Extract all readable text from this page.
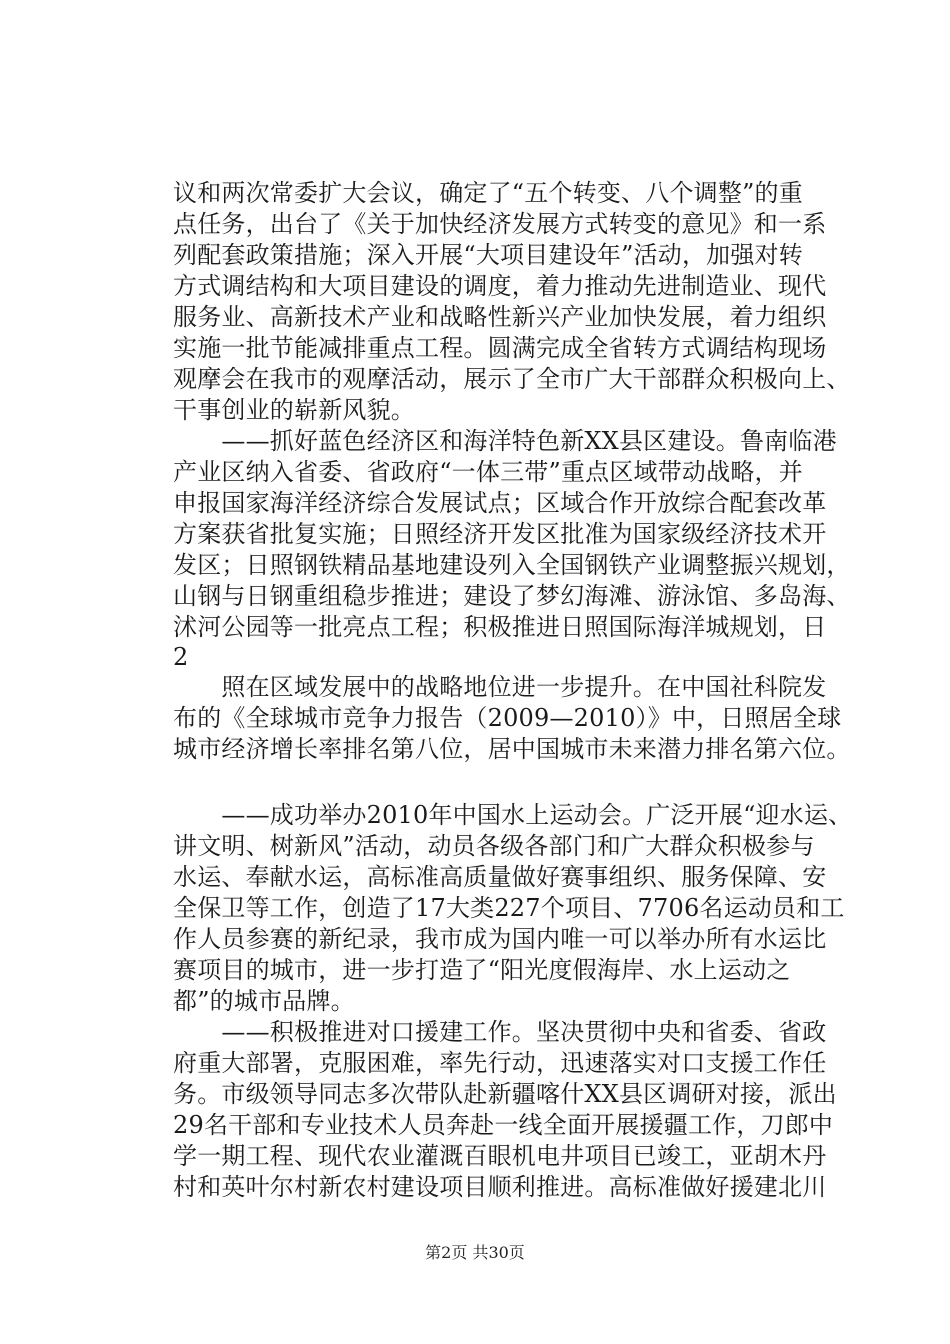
议和两次常委扩大会议，确定了“五个转变、八个调整”的重
点任务，出台了《关于加快经济发展方式转变的意见》和一系
列配套政策措施；深入开展“大项目建设年”活动，加强对转
方式调结构和大项目建设的调度，着力推动先进制造业、现代
服务业、高新技术产业和战略性新兴产业加快发展，着力组织
实施一批节能减排重点工程。圆满完成全省转方式调结构现场
观摩会在我市的观摩活动，展示了全市广大干部群众积极向上、
干事创业的崭新风貌。
　　——抓好蓝色经济区和海洋特色新XX县区建设。鲁南临港
产业区纳入省委、省政府“一体三带”重点区域带动战略，并
申报国家海洋经济综合发展试点；区域合作开放综合配套改革
方案获省批复实施；日照经济开发区批准为国家级经济技术开
发区；日照钢铁精品基地建设列入全国钢铁产业调整振兴规划，
山钢与日钢重组稳步推进；建设了梦幻海滩、游泳馆、多岛海、
沭河公园等一批亮点工程；积极推进日照国际海洋城规划，日
2
　　照在区域发展中的战略地位进一步提升。在中国社科院发
布的《全球城市竞争力报告（2009—2010）》中，日照居全球
城市经济增长率排名第八位，居中国城市未来潜力排名第六位。
　　——成功举办2010年中国水上运动会。广泛开展“迎水运、
讲文明、树新风”活动，动员各级各部门和广大群众积极参与
水运、奉献水运，高标准高质量做好赛事组织、服务保障、安
全保卫等工作，创造了17大类227个项目、7706名运动员和工
作人员参赛的新纪录，我市成为国内唯一可以举办所有水运比
赛项目的城市，进一步打造了“阳光度假海岸、水上运动之
都”的城市品牌。
　　——积极推进对口援建工作。坚决贯彻中央和省委、省政
府重大部署，克服困难，率先行动，迅速落实对口支援工作任
务。市级领导同志多次带队赴新疆喀什XX县区调研对接，派出
29名干部和专业技术人员奔赴一线全面开展援疆工作，刀郎中
学一期工程、现代农业灌溉百眼机电井项目已竣工，亚胡木丹
村和英叶尔村新农村建设项目顺利推进。高标准做好援建北川
第2页 共30页
